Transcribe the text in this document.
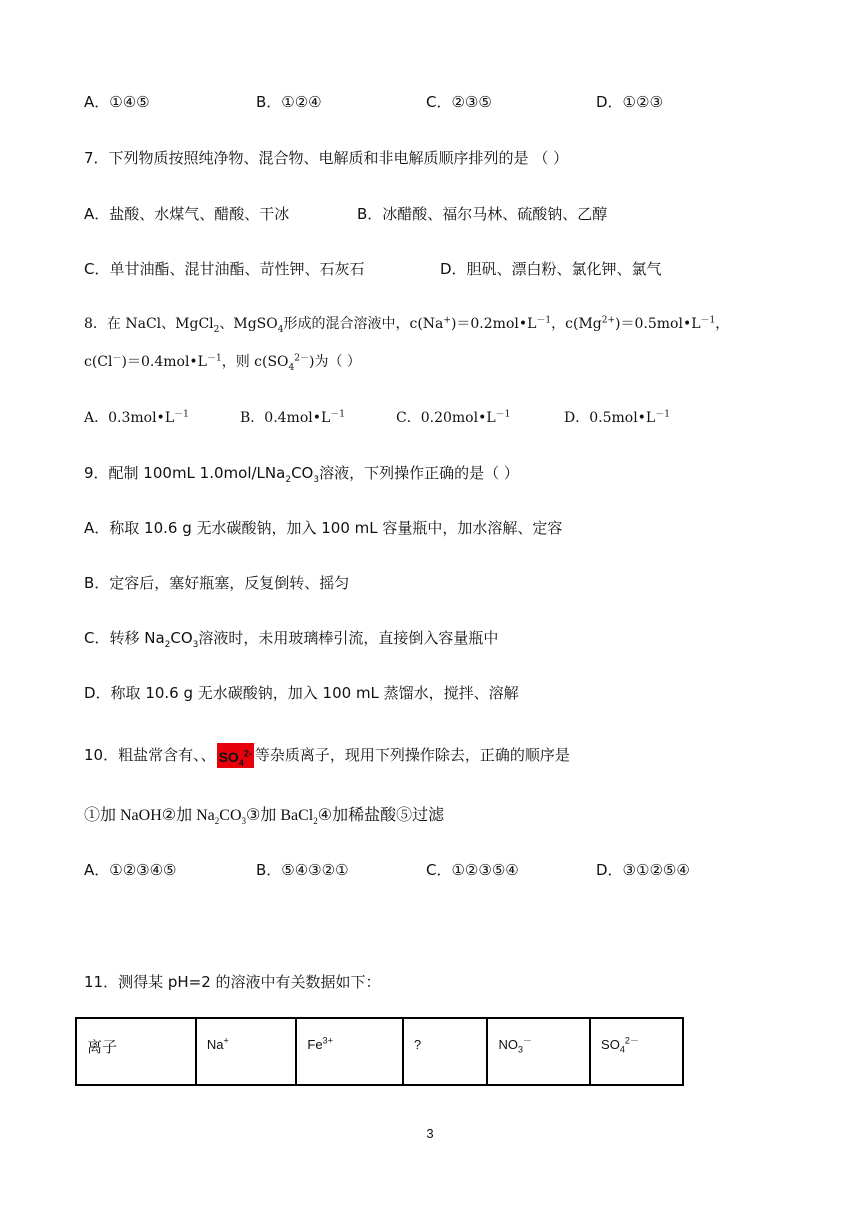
A．①④⑤	B．①②④	C．②③⑤	D．①②③
7．下列物质按照纯净物、混合物、电解质和非电解质顺序排列的是 （ ）
A．盐酸、水煤气、醋酸、干冰	B．冰醋酸、福尔马林、硫酸钠、乙醇
C．单甘油酯、混甘油酯、苛性钾、石灰石	D．胆矾、漂白粉、氯化钾、氯气
8．在 NaCl、MgCl$_2$、MgSO$_4$形成的混合溶液中，$c(Na^+)=0.2mol•L^{-1}$，$c(Mg^{2+})=0.5mol•L^{-1}$，
$c(Cl^-)=0.4mol•L^{-1}$，则 $c(SO_4^{2-})$为（ ）
A．$0.3mol•L^{-1}$	B．$0.4mol•L^{-1}$	C．$0.20mol•L^{-1}$	D．$0.5mol•L^{-1}$
9．配制 100mL $1.0mol/LNa_2CO_3$溶液，下列操作正确的是（ ）
A．称取 10.6 g 无水碳酸钠，加入 100 mL 容量瓶中，加水溶解、定容
B．定容后，塞好瓶塞，反复倒转、摇匀
C．转移 $Na_2CO_3$溶液时，未用玻璃棒引流，直接倒入容量瓶中
D．称取 10.6 g 无水碳酸钠，加入 100 mL 蒸馏水，搅拌、溶解
10．粗盐常含有、、 $SO_4^{2-}$ 等杂质离子，现用下列操作除去，正确的顺序是
①加 NaOH②加 $Na_2CO_3③$加 BaCl$_2$④加稀盐酸⑤过滤
A．①②③④⑤	B．⑤④③②①	C．①②③⑤④	D．③①②⑤④
11．测得某 pH=2 的溶液中有关数据如下：
离子	Na+	$Fe^{3+}$	?	$NO_3^-$	$SO_4^{2-}$
3
